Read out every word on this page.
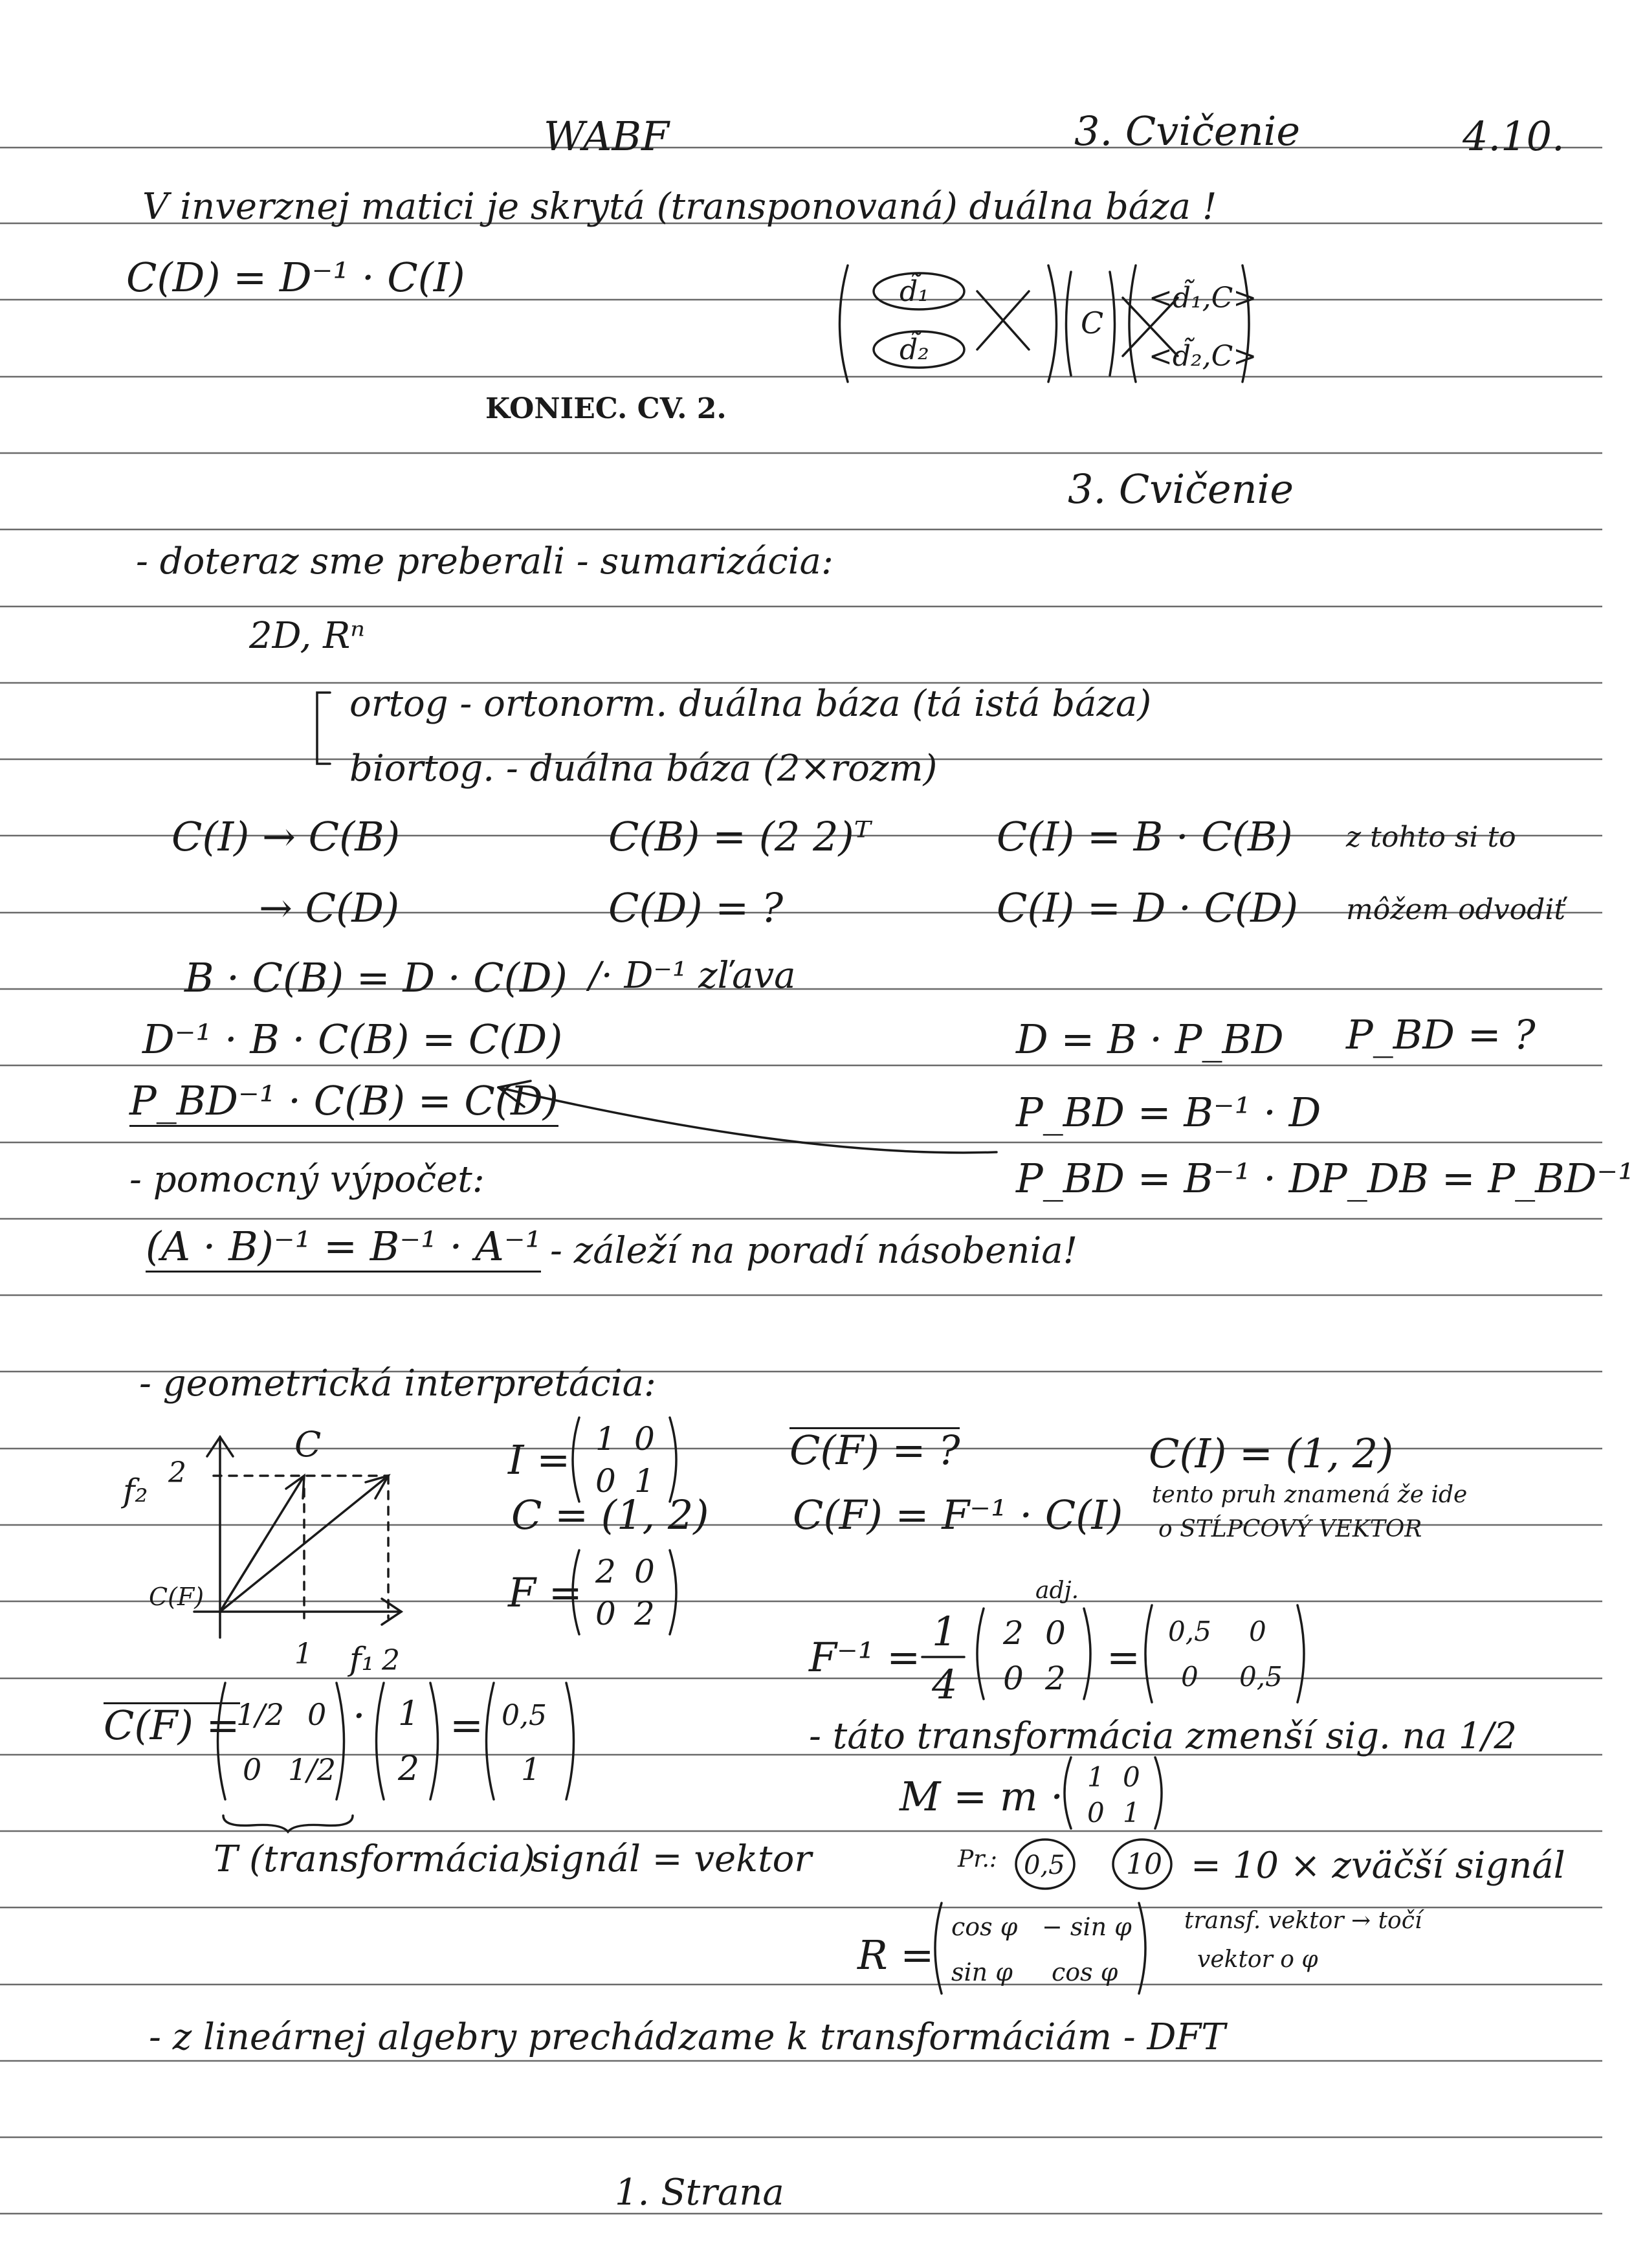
WABF	3. Cvičenie	4.10.
V inverznej matici je skrytá (transponovaná) duálna báza !
C(D) = D⁻¹ · C(I)	d̃₁
d̃₂
C
<d̃₁,C>
<d̃₂,C>
KONIEC. CV. 2.
3. Cvičenie
- doteraz sme preberali - sumarizácia:
2D, Rⁿ
ortog - ortonorm. duálna báza (tá istá báza)
biortog. - duálna báza (2×rozm)
C(I) → C(B)	C(B) = (2 2)ᵀ	C(I) = B · C(B) z tohto si to
→ C(D)	C(D) = ?	C(I) = D · C(D) môžem odvodiť
B · C(B) = D · C(D) /· D⁻¹ zľava
D⁻¹ · B · C(B) = C(D)	D = B · P_BD P_BD = ?
P_BD⁻¹ · C(B) = C(D)	P_BD = B⁻¹ · D
- pomocný výpočet:	P_BD = B⁻¹ · D
P_DB = P_BD⁻¹
(A · B)⁻¹ = B⁻¹ · A⁻¹ - záleží na poradí násobenia!
- geometrická interpretácia:
C
f₂ 2
C(F)
1 f₁ 2
I = 1 0
0 1
C = (1, 2)
F = 2 0
0 2
C(F) = ?	C(I) = (1, 2)
C(F) = F⁻¹ · C(I) tento pruh znamená že ide
o STĹPCOVÝ VEKTOR
adj.
F⁻¹ =
1
4
2 0
0 2 =
0,5 0
0 0,5
C(F) =
1/2 0
0 1/2
· 1
2
= 0,5
1
T (transformácia)
signál = vektor
- táto transformácia zmenší sig. na 1/2
M = m · 1 0
0 1
Pr.: 0,5 10 = 10 × zväčší signál
R =
cos φ − sin φ
sin φ cos φ
transf. vektor → točí
vektor o φ
- z lineárnej algebry prechádzame k transformáciám - DFT
1. Strana
